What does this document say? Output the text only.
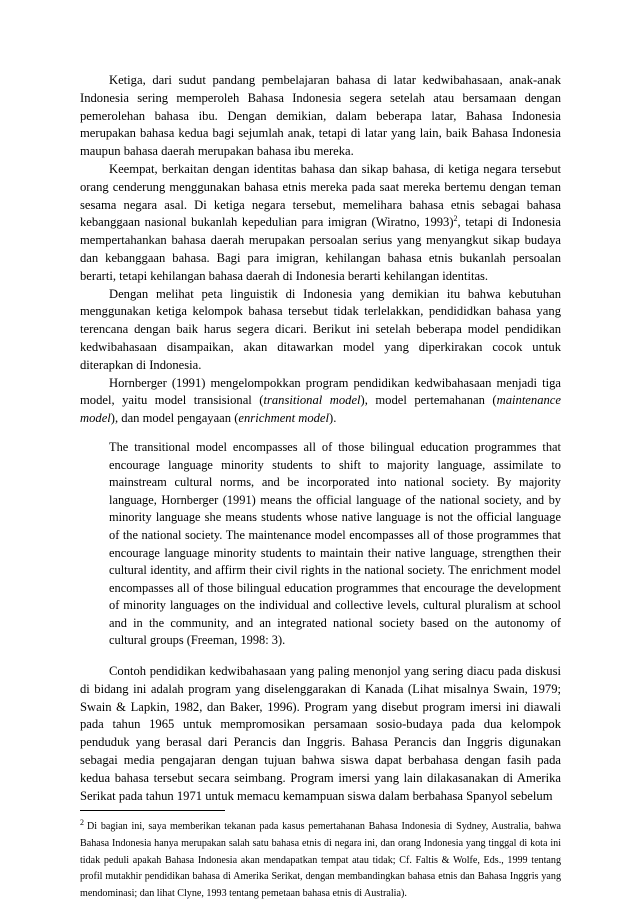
Ketiga, dari sudut pandang pembelajaran bahasa di latar kedwibahasaan, anak-anak Indonesia sering memperoleh Bahasa Indonesia segera setelah atau bersamaan dengan pemerolehan bahasa ibu. Dengan demikian, dalam beberapa latar, Bahasa Indonesia merupakan bahasa kedua bagi sejumlah anak, tetapi di latar yang lain, baik Bahasa Indonesia maupun bahasa daerah merupakan bahasa ibu mereka.

Keempat, berkaitan dengan identitas bahasa dan sikap bahasa, di ketiga negara tersebut orang cenderung menggunakan bahasa etnis mereka pada saat mereka bertemu dengan teman sesama negara asal. Di ketiga negara tersebut, memelihara bahasa etnis sebagai bahasa kebanggaan nasional bukanlah kepedulian para imigran (Wiratno, 1993)$^2$, tetapi di Indonesia mempertahankan bahasa daerah merupakan persoalan serius yang menyangkut sikap budaya dan kebanggaan bahasa. Bagi para imigran, kehilangan bahasa etnis bukanlah persoalan berarti, tetapi kehilangan bahasa daerah di Indonesia berarti kehilangan identitas.

Dengan melihat peta linguistik di Indonesia yang demikian itu bahwa kebutuhan menggunakan ketiga kelompok bahasa tersebut tidak terlelakkan, pendididkan bahasa yang terencana dengan baik harus segera dicari. Berikut ini setelah beberapa model pendidikan kedwibahasaan disampaikan, akan ditawarkan model yang diperkirakan cocok untuk diterapkan di Indonesia.

Hornberger (1991) mengelompokkan program pendidikan kedwibahasaan menjadi tiga model, yaitu model transisional (transitional model), model pertemahanan (maintenance model), dan model pengayaan (enrichment model).

The transitional model encompasses all of those bilingual education programmes that encourage language minority students to shift to majority language, assimilate to mainstream cultural norms, and be incorporated into national society. By majority language, Hornberger (1991) means the official language of the national society, and by minority language she means students whose native language is not the official language of the national society. The maintenance model encompasses all of those programmes that encourage language minority students to maintain their native language, strengthen their cultural identity, and affirm their civil rights in the national society. The enrichment model encompasses all of those bilingual education programmes that encourage the development of minority languages on the individual and collective levels, cultural pluralism at school and in the community, and an integrated national society based on the autonomy of cultural groups (Freeman, 1998: 3).

Contoh pendidikan kedwibahasaan yang paling menonjol yang sering diacu pada diskusi di bidang ini adalah program yang diselenggarakan di Kanada (Lihat misalnya Swain, 1979; Swain & Lapkin, 1982, dan Baker, 1996). Program yang disebut program imersi ini diawali pada tahun 1965 untuk mempromosikan persamaan sosio-budaya pada dua kelompok penduduk yang berasal dari Perancis dan Inggris. Bahasa Perancis dan Inggris digunakan sebagai media pengajaran dengan tujuan bahwa siswa dapat berbahasa dengan fasih pada kedua bahasa tersebut secara seimbang. Program imersi yang lain dilakasanakan di Amerika Serikat pada tahun 1971 untuk memacu kemampuan siswa dalam berbahasa Spanyol sebelum

$^2$ Di bagian ini, saya memberikan tekanan pada kasus pemertahanan Bahasa Indonesia di Sydney, Australia, bahwa Bahasa Indonesia hanya merupakan salah satu bahasa etnis di negara ini, dan orang Indonesia yang tinggal di kota ini tidak peduli apakah Bahasa Indonesia akan mendapatkan tempat atau tidak; Cf. Faltis & Wolfe, Eds., 1999 tentang profil mutakhir pendidikan bahasa di Amerika Serikat, dengan membandingkan bahasa etnis dan Bahasa Inggris yang mendominasi; dan lihat Clyne, 1993 tentang pemetaan bahasa etnis di Australia).
